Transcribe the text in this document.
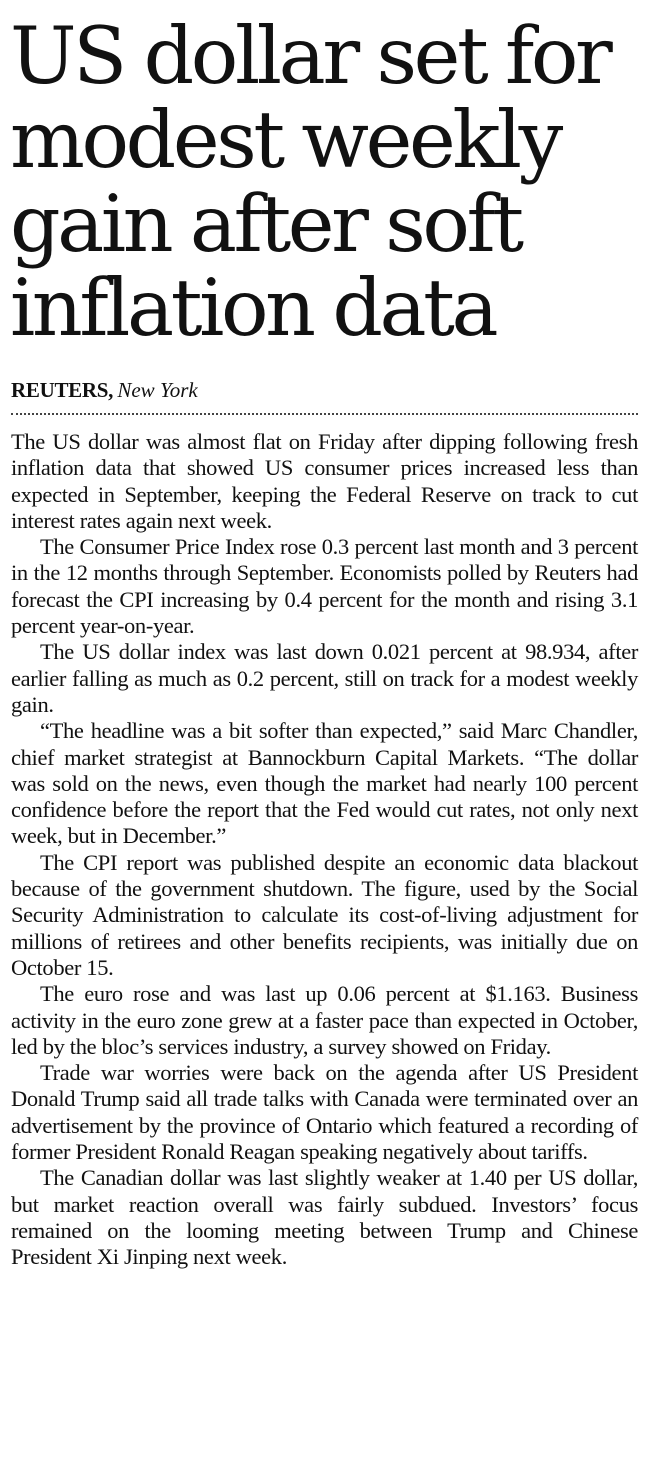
US dollar set for modest weekly gain after soft inflation data
REUTERS, New York

The US dollar was almost flat on Friday after dipping following fresh inflation data that showed US consumer prices increased less than expected in September, keeping the Federal Reserve on track to cut interest rates again next week.

The Consumer Price Index rose 0.3 percent last month and 3 percent in the 12 months through September. Economists polled by Reuters had forecast the CPI increasing by 0.4 percent for the month and rising 3.1 percent year-on-year.

The US dollar index was last down 0.021 percent at 98.934, after earlier falling as much as 0.2 percent, still on track for a modest weekly gain.

“The headline was a bit softer than expected,” said Marc Chandler, chief market strategist at Bannockburn Capital Markets. “The dollar was sold on the news, even though the market had nearly 100 percent confidence before the report that the Fed would cut rates, not only next week, but in December.”

The CPI report was published despite an economic data blackout because of the government shutdown. The figure, used by the Social Security Administration to calculate its cost-of-living adjustment for millions of retirees and other benefits recipients, was initially due on October 15.

The euro rose and was last up 0.06 percent at $1.163. Business activity in the euro zone grew at a faster pace than expected in October, led by the bloc’s services industry, a survey showed on Friday.

Trade war worries were back on the agenda after US President Donald Trump said all trade talks with Canada were terminated over an advertisement by the province of Ontario which featured a recording of former President Ronald Reagan speaking negatively about tariffs.

The Canadian dollar was last slightly weaker at 1.40 per US dollar, but market reaction overall was fairly subdued. Investors’ focus remained on the looming meeting between Trump and Chinese President Xi Jinping next week.
